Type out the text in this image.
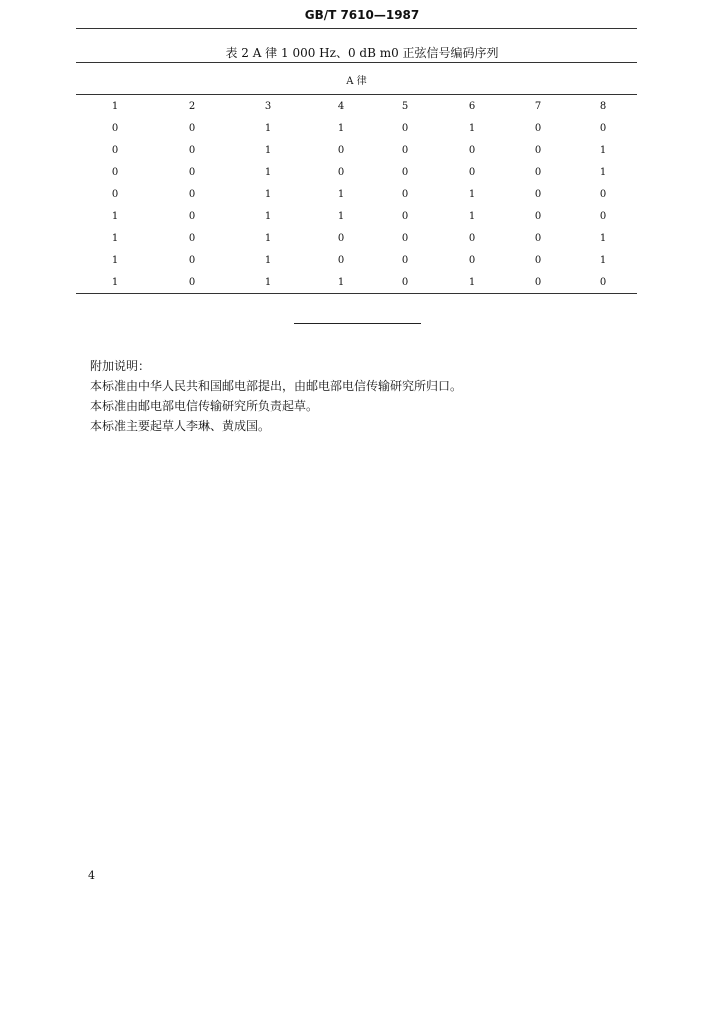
GB/T 7610—1987
表 2 A 律 1 000 Hz、0 dB m0 正弦信号编码序列
A 律
1	2	3	4	5	6	7	8
0	0	1	1	0	1	0	0
0	0	1	0	0	0	0	1
0	0	1	0	0	0	0	1
0	0	1	1	0	1	0	0
1	0	1	1	0	1	0	0
1	0	1	0	0	0	0	1
1	0	1	0	0	0	0	1
1	0	1	1	0	1	0	0
附加说明：
本标准由中华人民共和国邮电部提出，由邮电部电信传输研究所归口。
本标准由邮电部电信传输研究所负责起草。
本标准主要起草人李琳、黄成国。
4
